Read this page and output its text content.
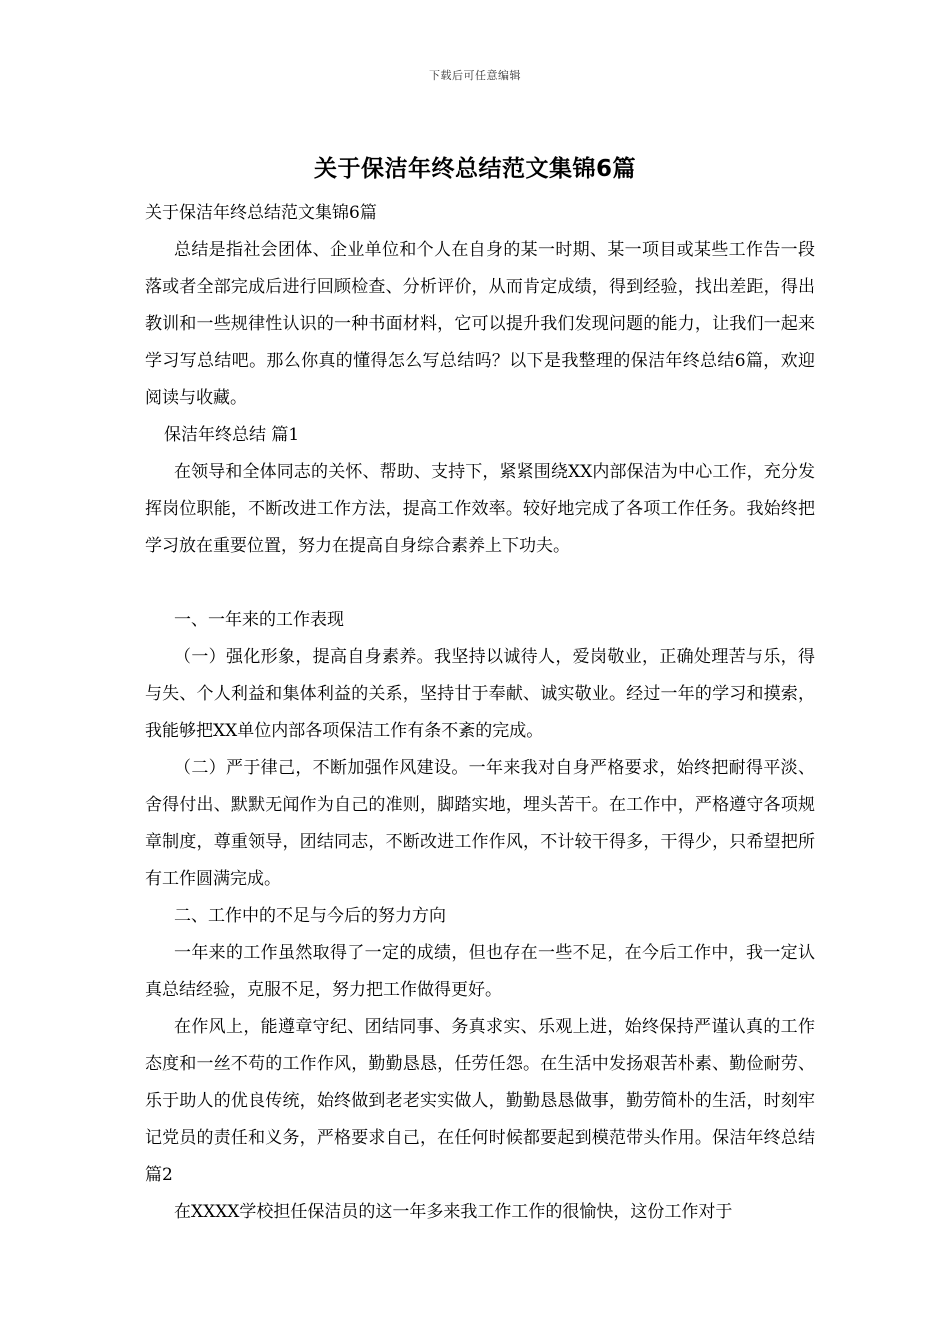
下载后可任意编辑
关于保洁年终总结范文集锦6篇

关于保洁年终总结范文集锦6篇

总结是指社会团体、企业单位和个人在自身的某一时期、某一项目或某些工作告一段落或者全部完成后进行回顾检查、分析评价，从而肯定成绩，得到经验，找出差距，得出教训和一些规律性认识的一种书面材料，它可以提升我们发现问题的能力，让我们一起来学习写总结吧。那么你真的懂得怎么写总结吗？以下是我整理的保洁年终总结6篇，欢迎阅读与收藏。

保洁年终总结 篇1

在领导和全体同志的关怀、帮助、支持下，紧紧围绕XX内部保洁为中心工作，充分发挥岗位职能，不断改进工作方法，提高工作效率。较好地完成了各项工作任务。我始终把学习放在重要位置，努力在提高自身综合素养上下功夫。

一、一年来的工作表现

（一）强化形象，提高自身素养。我坚持以诚待人，爱岗敬业，正确处理苦与乐，得与失、个人利益和集体利益的关系，坚持甘于奉献、诚实敬业。经过一年的学习和摸索，我能够把XX单位内部各项保洁工作有条不紊的完成。

（二）严于律己，不断加强作风建设。一年来我对自身严格要求，始终把耐得平淡、舍得付出、默默无闻作为自己的准则，脚踏实地，埋头苦干。在工作中，严格遵守各项规章制度，尊重领导，团结同志，不断改进工作作风，不计较干得多，干得少，只希望把所有工作圆满完成。

二、工作中的不足与今后的努力方向

一年来的工作虽然取得了一定的成绩，但也存在一些不足，在今后工作中，我一定认真总结经验，克服不足，努力把工作做得更好。

在作风上，能遵章守纪、团结同事、务真求实、乐观上进，始终保持严谨认真的工作态度和一丝不苟的工作作风，勤勤恳恳，任劳任怨。在生活中发扬艰苦朴素、勤俭耐劳、乐于助人的优良传统，始终做到老老实实做人，勤勤恳恳做事，勤劳简朴的生活，时刻牢记党员的责任和义务，严格要求自己，在任何时候都要起到模范带头作用。保洁年终总结 篇2

在XXXX学校担任保洁员的这一年多来我工作工作的很愉快，这份工作对于
